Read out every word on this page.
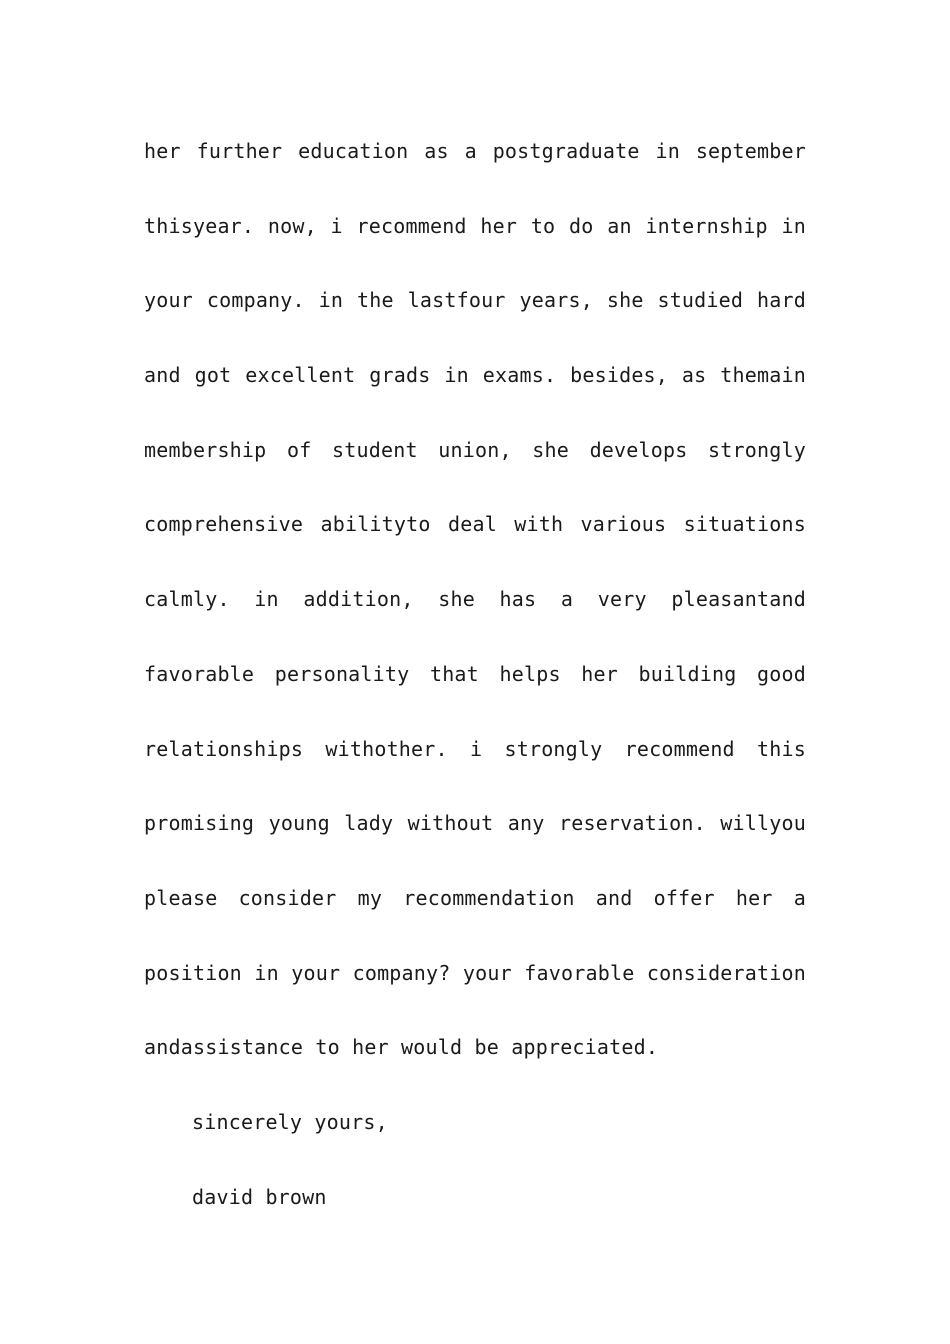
her further education as a postgraduate in september
thisyear. now, i recommend her to do an internship in
your company. in the lastfour years, she studied hard
and got excellent grads in exams. besides, as themain
membership of student union, she develops strongly
comprehensive abilityto deal with various situations
calmly. in addition, she has a very pleasantand
favorable personality that helps her building good
relationships withother. i strongly recommend this
promising young lady without any reservation. willyou
please consider my recommendation and offer her a
position in your company? your favorable consideration
andassistance to her would be appreciated.
sincerely yours,
david brown
